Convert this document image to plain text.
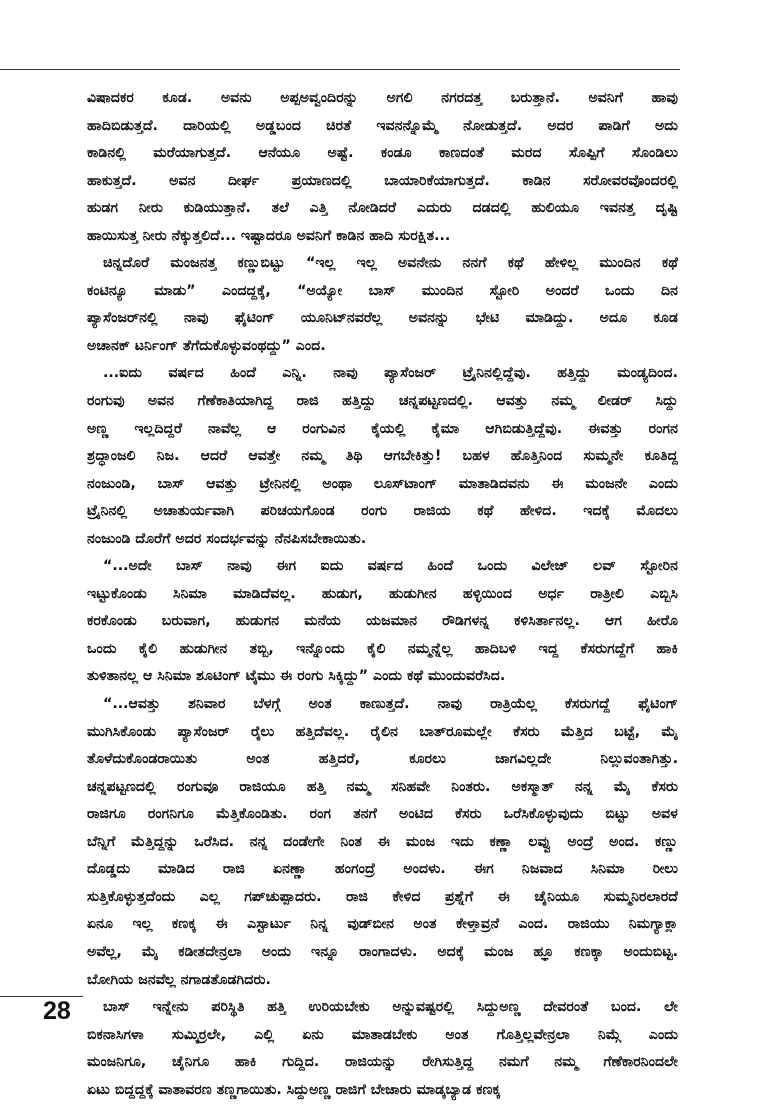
ವಿಷಾದಕರ ಕೂಡ. ಅವನು ಅಪ್ಪಅವ್ವಂದಿರನ್ನು ಅಗಲಿ ನಗರದತ್ತ ಬರುತ್ತಾನೆ. ಅವನಿಗೆ ಹಾವು
ಹಾದಿಬಿಡುತ್ತದೆ. ದಾರಿಯಲ್ಲಿ ಅಡ್ಡಬಂದ ಚಿರತೆ ಇವನನ್ನೊಮ್ಮೆ ನೋಡುತ್ತದೆ. ಅದರ ಪಾಡಿಗೆ ಅದು
ಕಾಡಿನಲ್ಲಿ ಮರೆಯಾಗುತ್ತದೆ. ಆನೆಯೂ ಅಷ್ಟೆ. ಕಂಡೂ ಕಾಣದಂತೆ ಮರದ ಸೊಪ್ಪಿಗೆ ಸೊಂಡಿಲು
ಹಾಕುತ್ತದೆ. ಅವನ ದೀರ್ಘ ಪ್ರಯಾಣದಲ್ಲಿ ಬಾಯಾರಿಕೆಯಾಗುತ್ತದೆ. ಕಾಡಿನ ಸರೋವರವೊಂದರಲ್ಲಿ
ಹುಡಗ ನೀರು ಕುಡಿಯುತ್ತಾನೆ. ತಲೆ ಎತ್ತಿ ನೋಡಿದರೆ ಎದುರು ದಡದಲ್ಲಿ ಹುಲಿಯೂ ಇವನತ್ತ ದೃಷ್ಟಿ
ಹಾಯಿಸುತ್ತ ನೀರು ನೆಕ್ಕುತ್ತಲಿದೆ... ಇಷ್ಟಾದರೂ ಅವನಿಗೆ ಕಾಡಿನ ಹಾದಿ ಸುರಕ್ಷಿತ...
ಚಿನ್ನದೊರೆ ಮಂಜನತ್ತ ಕಣ್ಣುಬಿಟ್ಟು “ಇಲ್ಲ ಇಲ್ಲ ಅವನೇನು ನನಗೆ ಕಥೆ ಹೇಳಿಲ್ಲ ಮುಂದಿನ ಕಥೆ
ಕಂಟಿನ್ಯೂ ಮಾಡು” ಎಂದದ್ದಕ್ಕೆ, “ಅಯ್ಯೋ ಬಾಸ್ ಮುಂದಿನ ಸ್ಟೋರಿ ಅಂದರೆ ಒಂದು ದಿನ
ಪ್ಯಾಸೆಂಜರ್‌ನಲ್ಲಿ ನಾವು ಫೈಟಿಂಗ್ ಯೂನಿಟ್‌ನವರೆಲ್ಲ ಅವನನ್ನು ಭೇಟಿ ಮಾಡಿದ್ದು. ಅದೂ ಕೂಡ
ಅಚಾನಕ್ ಟರ್ನಿಂಗ್ ತೆಗೆದುಕೊಳ್ಳುವಂಥದ್ದು” ಎಂದ.
...ಐದು ವರ್ಷದ ಹಿಂದೆ ಎನ್ನಿ. ನಾವು ಪ್ಯಾಸೆಂಜರ್ ಟ್ರೈನಿನಲ್ಲಿದ್ದೆವು. ಹತ್ತಿದ್ದು ಮಂಡ್ಯದಿಂದ.
ರಂಗುವು ಅವನ ಗೆಣೆಕಾತಿಯಾಗಿದ್ದ ರಾಜಿ ಹತ್ತಿದ್ದು ಚನ್ನಪಟ್ಟಣದಲ್ಲಿ. ಆವತ್ತು ನಮ್ಮ ಲೀಡರ್ ಸಿದ್ದು
ಅಣ್ಣ ಇಲ್ಲದಿದ್ದರೆ ನಾವೆಲ್ಲ ಆ ರಂಗುವಿನ ಕೈಯಲ್ಲಿ ಕೈಮಾ ಆಗಿಬಿಡುತ್ತಿದ್ದೆವು. ಈವತ್ತು ರಂಗನ
ಶ್ರದ್ಧಾಂಜಲಿ ನಿಜ. ಆದರೆ ಆವತ್ತೇ ನಮ್ಮ ತಿಥಿ ಆಗಬೇಕಿತ್ತು! ಬಹಳ ಹೊತ್ತಿನಿಂದ ಸುಮ್ಮನೇ ಕೂತಿದ್ದ
ನಂಜುಂಡಿ, ಬಾಸ್ ಆವತ್ತು ಟ್ರೇನಿನಲ್ಲಿ ಅಂಥಾ ಲೂಸ್‌ಟಾಂಗ್ ಮಾತಾಡಿದವನು ಈ ಮಂಜನೇ ಎಂದು
ಟ್ರೈನಿನಲ್ಲಿ ಅಚಾತುರ್ಯವಾಗಿ ಪರಿಚಯಗೊಂಡ ರಂಗು ರಾಜಿಯ ಕಥೆ ಹೇಳಿದ. ಇದಕ್ಕೆ ಮೊದಲು
ನಂಜುಂಡಿ ದೊರೆಗೆ ಅದರ ಸಂದರ್ಭವನ್ನು ನೆನಪಿಸಬೇಕಾಯಿತು.
“...ಅದೇ ಬಾಸ್ ನಾವು ಈಗ ಐದು ವರ್ಷದ ಹಿಂದೆ ಒಂದು ವಿಲೇಜ್ ಲವ್ ಸ್ಟೋರಿನ
ಇಟ್ಟುಕೊಂಡು ಸಿನಿಮಾ ಮಾಡಿದೆವಲ್ಲ. ಹುಡುಗ, ಹುಡುಗೀನ ಹಳ್ಳಿಯಿಂದ ಅರ್ಧ ರಾತ್ರೀಲಿ ಎಬ್ಬಿಸಿ
ಕರಕೊಂಡು ಬರುವಾಗ, ಹುಡುಗನ ಮನೆಯ ಯಜಮಾನ ರೌಡಿಗಳನ್ನ ಕಳಿಸಿರ್ತಾನಲ್ಲ. ಆಗ ಹೀರೊ
ಒಂದು ಕೈಲಿ ಹುಡುಗೀನ ತಬ್ಬಿ, ಇನ್ನೊಂದು ಕೈಲಿ ನಮ್ಮನ್ನೆಲ್ಲ ಹಾದಿಬಳಿ ಇದ್ದ ಕೆಸರುಗದ್ದೆಗೆ ಹಾಕಿ
ತುಳಿತಾನಲ್ಲ ಆ ಸಿನಿಮಾ ಶೂಟಿಂಗ್ ಟೈಮು ಈ ರಂಗು ಸಿಕ್ಕಿದ್ದು” ಎಂದು ಕಥೆ ಮುಂದುವರೆಸಿದ.
“...ಆವತ್ತು ಶನಿವಾರ ಬೆಳಗ್ಗೆ ಅಂತ ಕಾಣುತ್ತದೆ. ನಾವು ರಾತ್ರಿಯೆಲ್ಲ ಕೆಸರುಗದ್ದೆ ಫೈಟಿಂಗ್
ಮುಗಿಸಿಕೊಂಡು ಪ್ಯಾಸೆಂಜರ್ ರೈಲು ಹತ್ತಿದೆವಲ್ಲ. ರೈಲಿನ ಬಾತ್‌ರೂಮಲ್ಲೇ ಕೆಸರು ಮೆತ್ತಿದ ಬಟ್ಟೆ, ಮೈ
ತೊಳೆದುಕೊಂಡರಾಯಿತು ಅಂತ ಹತ್ತಿದರೆ, ಕೂರಲು ಜಾಗವಿಲ್ಲದೇ ನಿಲ್ಲುವಂತಾಗಿತ್ತು.
ಚನ್ನಪಟ್ಟಣದಲ್ಲಿ ರಂಗುವೂ ರಾಜಿಯೂ ಹತ್ತಿ ನಮ್ಮ ಸನಿಹವೇ ನಿಂತರು. ಅಕಸ್ಮಾತ್ ನನ್ನ ಮೈ ಕೆಸರು
ರಾಜಿಗೂ ರಂಗನಿಗೂ ಮೆತ್ತಿಕೊಂಡಿತು. ರಂಗ ತನಗೆ ಅಂಟಿದ ಕೆಸರು ಒರೆಸಿಕೊಳ್ಳುವುದು ಬಿಟ್ಟು ಅವಳ
ಬೆನ್ನಿಗೆ ಮೆತ್ತಿದ್ದನ್ನು ಒರೆಸಿದ. ನನ್ನ ದಂಡೇಗೇ ನಿಂತ ಈ ಮಂಜ ಇದು ಕಣ್ಣಾ ಲವ್ವು ಅಂದ್ರೆ ಅಂದ. ಕಣ್ಣು
ದೊಡ್ಡದು ಮಾಡಿದ ರಾಜಿ ಏನಣ್ಣಾ ಹಂಗಂದ್ರೆ ಅಂದಳು. ಈಗ ನಿಜವಾದ ಸಿನಿಮಾ ರೀಲು
ಸುತ್ತಿಕೊಳ್ಳುತ್ತದೆಂದು ಎಲ್ಲ ಗಪ್‌ಚುಪ್ಪಾದರು. ರಾಜಿ ಕೇಳಿದ ಪ್ರಶ್ನೆಗೆ ಈ ಚೈನಿಯೂ ಸುಮ್ಮನಿರಲಾರದೆ
ಏನೂ ಇಲ್ಲ ಕಣಕ್ಕ ಈ ಎಸ್ಟಾರ್ಟು ನಿನ್ನ ವುಡ್‌ಬೀನ ಅಂತ ಕೇಳ್ತಾವ್ರನೆ ಎಂದ. ರಾಜಿಯು ನಿಮಗ್ಯಾಕ್ಲಾ
ಅವೆಲ್ಲ, ಮೈ ಕಡೀತದೇನ್ರಲಾ ಅಂದು ಇನ್ನೂ ರಾಂಗಾದಳು. ಅದಕ್ಕೆ ಮಂಜ ಹ್ಞೂ ಕಣಕ್ಕಾ ಅಂದುಬಿಟ್ಟ.
ಬೋಗಿಯ ಜನವೆಲ್ಲ ನಗಾಡತೊಡಗಿದರು.
ಬಾಸ್ ಇನ್ನೇನು ಪರಿಸ್ಥಿತಿ ಹತ್ತಿ ಉರಿಯಬೇಕು ಅನ್ನುವಷ್ಟರಲ್ಲಿ ಸಿದ್ದುಅಣ್ಣ ದೇವರಂತೆ ಬಂದ. ಲೇ
ಬಿಕನಾಸಿಗಳಾ ಸುಮ್ಕಿರ್ರಲೇ, ಎಲ್ಲಿ ಏನು ಮಾತಾಡಬೇಕು ಅಂತ ಗೊತ್ತಿಲ್ಲವೇನ್ರಲಾ ನಿಮ್ಗೆ ಎಂದು
ಮಂಜನಿಗೂ, ಚೈನಿಗೂ ಹಾಕಿ ಗುದ್ದಿದ. ರಾಜಿಯನ್ನು ರೇಗಿಸುತ್ತಿದ್ದ ನಮಗೆ ನಮ್ಮ ಗೆಣೆಕಾರನಿಂದಲೇ
ಏಟು ಬಿದ್ದದ್ದಕ್ಕೆ ವಾತಾವರಣ ತಣ್ಣಗಾಯಿತು. ಸಿದ್ದುಅಣ್ಣ ರಾಜಿಗೆ ಬೇಜಾರು ಮಾಡ್ಕಬ್ಯಾಡ ಕಣಕ್ಕ
28
